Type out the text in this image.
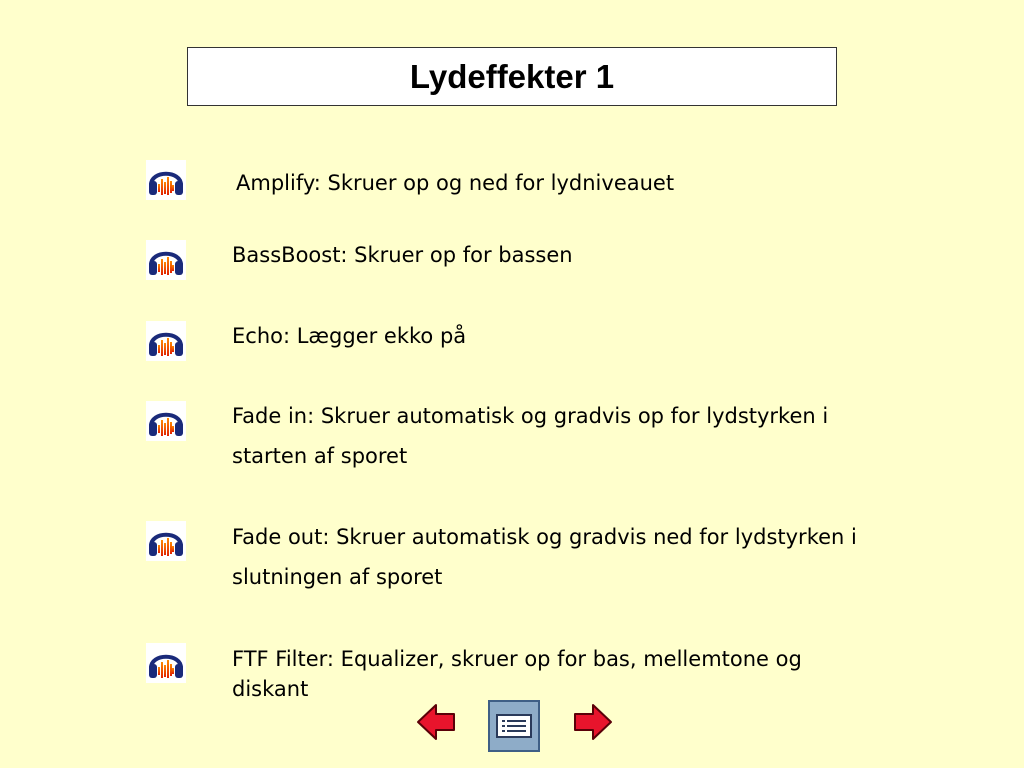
Lydeffekter 1
Amplify: Skruer op og ned for lydniveauet
BassBoost: Skruer op for bassen
Echo: Lægger ekko på
Fade in: Skruer automatisk og gradvis op for lydstyrken i starten af sporet
Fade out: Skruer automatisk og gradvis ned for lydstyrken i slutningen af sporet
FTF Filter: Equalizer, skruer op for bas, mellemtone og diskant
